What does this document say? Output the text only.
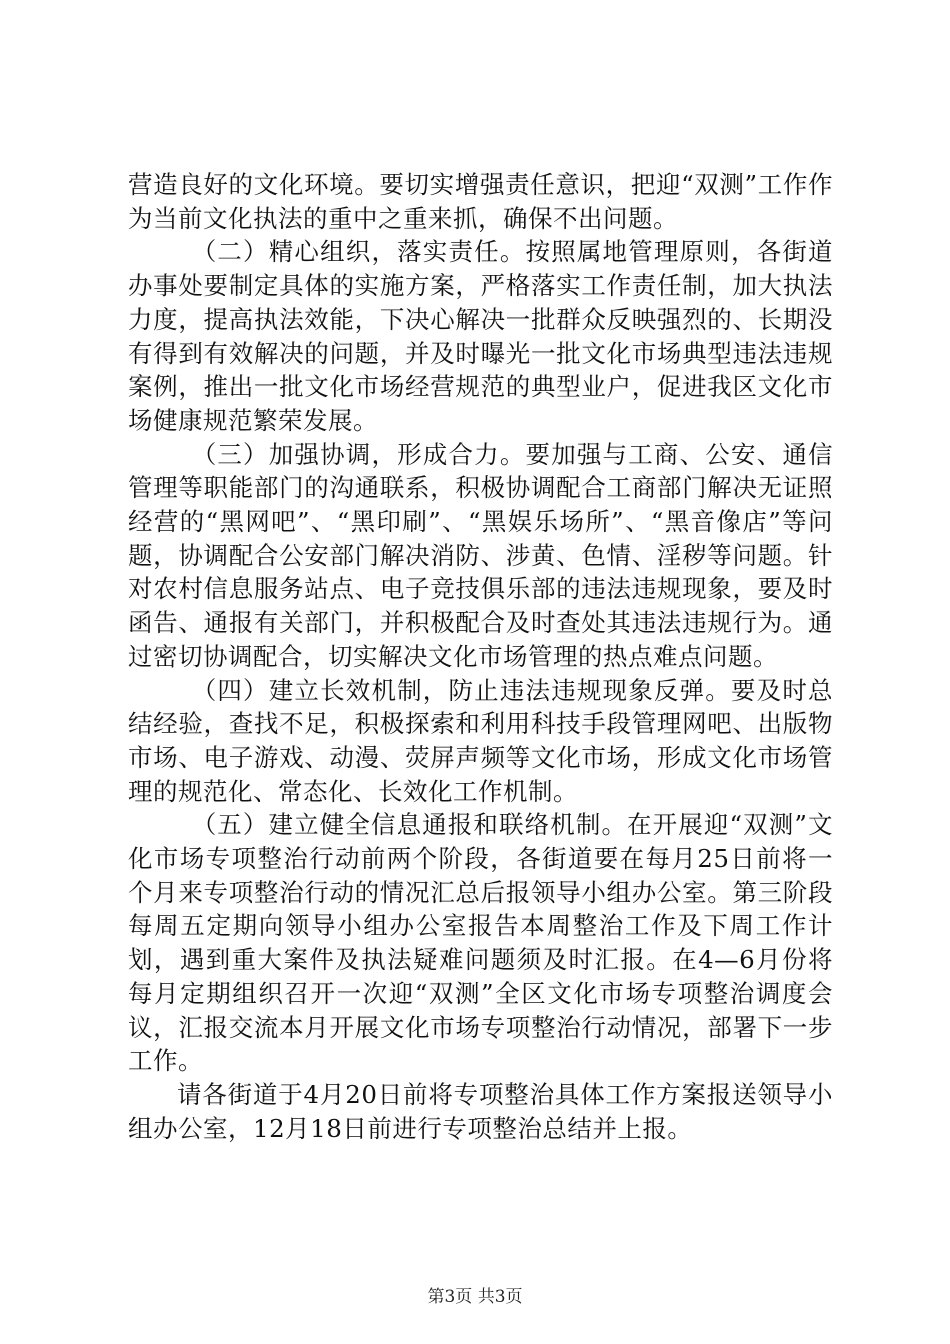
营造良好的文化环境。要切实增强责任意识，把迎“双测”工作作为当前文化执法的重中之重来抓，确保不出问题。

（二）精心组织，落实责任。按照属地管理原则，各街道办事处要制定具体的实施方案，严格落实工作责任制，加大执法力度，提高执法效能，下决心解决一批群众反映强烈的、长期没有得到有效解决的问题，并及时曝光一批文化市场典型违法违规案例，推出一批文化市场经营规范的典型业户，促进我区文化市场健康规范繁荣发展。

（三）加强协调，形成合力。要加强与工商、公安、通信管理等职能部门的沟通联系，积极协调配合工商部门解决无证照经营的“黑网吧”、“黑印刷”、“黑娱乐场所”、“黑音像店”等问题，协调配合公安部门解决消防、涉黄、色情、淫秽等问题。针对农村信息服务站点、电子竞技俱乐部的违法违规现象，要及时函告、通报有关部门，并积极配合及时查处其违法违规行为。通过密切协调配合，切实解决文化市场管理的热点难点问题。

（四）建立长效机制，防止违法违规现象反弹。要及时总结经验，查找不足，积极探索和利用科技手段管理网吧、出版物市场、电子游戏、动漫、荧屏声频等文化市场，形成文化市场管理的规范化、常态化、长效化工作机制。

（五）建立健全信息通报和联络机制。在开展迎“双测”文化市场专项整治行动前两个阶段，各街道要在每月25日前将一个月来专项整治行动的情况汇总后报领导小组办公室。第三阶段每周五定期向领导小组办公室报告本周整治工作及下周工作计划，遇到重大案件及执法疑难问题须及时汇报。在4—6月份将每月定期组织召开一次迎“双测”全区文化市场专项整治调度会议，汇报交流本月开展文化市场专项整治行动情况，部署下一步工作。

请各街道于4月20日前将专项整治具体工作方案报送领导小组办公室，12月18日前进行专项整治总结并上报。

第3页 共3页
